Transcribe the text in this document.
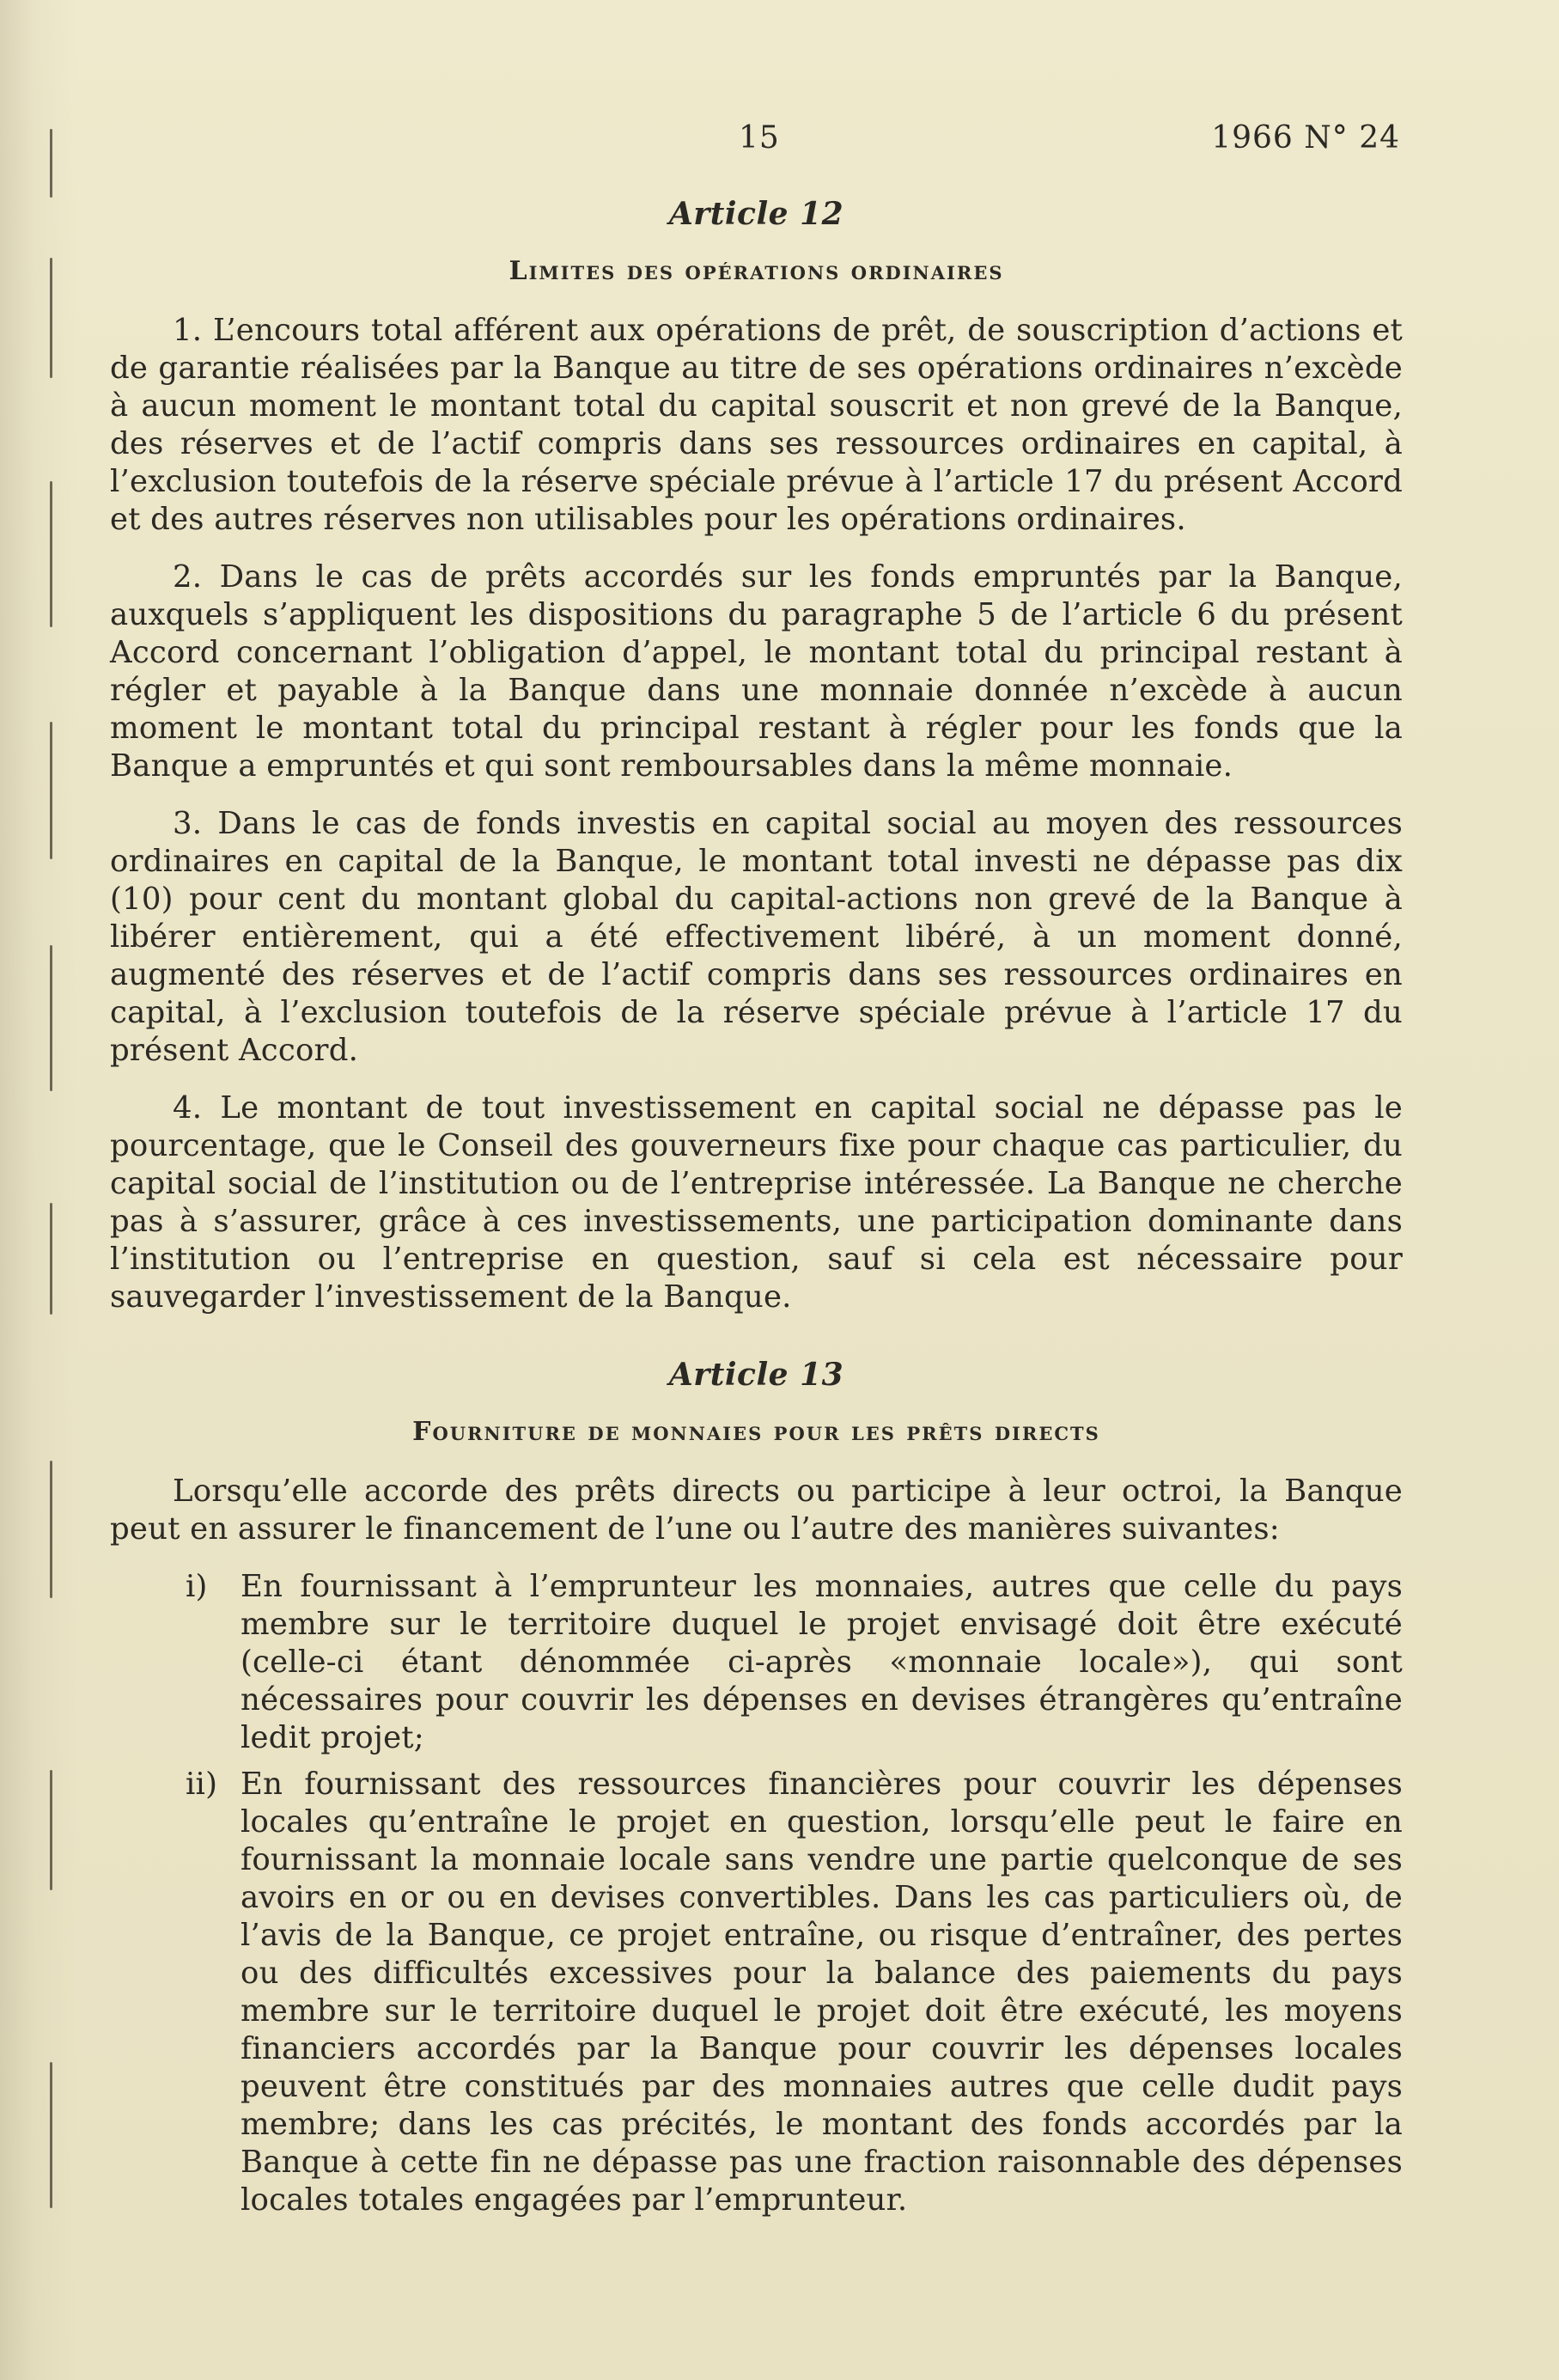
15	1966 N° 24
Article 12
Limites des opérations ordinaires

1. L’encours total afférent aux opérations de prêt, de souscription d’actions et de garantie réalisées par la Banque au titre de ses opérations ordinaires n’excède à aucun moment le montant total du capital souscrit et non grevé de la Banque, des réserves et de l’actif compris dans ses ressources ordinaires en capital, à l’exclusion toutefois de la réserve spéciale prévue à l’article 17 du présent Accord et des autres réserves non utilisables pour les opérations ordinaires.

2. Dans le cas de prêts accordés sur les fonds empruntés par la Banque, auxquels s’appliquent les dispositions du paragraphe 5 de l’article 6 du présent Accord concernant l’obligation d’appel, le montant total du principal restant à régler et payable à la Banque dans une monnaie donnée n’excède à aucun moment le montant total du principal restant à régler pour les fonds que la Banque a empruntés et qui sont remboursables dans la même monnaie.

3. Dans le cas de fonds investis en capital social au moyen des ressources ordinaires en capital de la Banque, le montant total investi ne dépasse pas dix (10) pour cent du montant global du capital-actions non grevé de la Banque à libérer entièrement, qui a été effectivement libéré, à un moment donné, augmenté des réserves et de l’actif compris dans ses ressources ordinaires en capital, à l’exclusion toutefois de la réserve spéciale prévue à l’article 17 du présent Accord.

4. Le montant de tout investissement en capital social ne dépasse pas le pourcentage, que le Conseil des gouverneurs fixe pour chaque cas particulier, du capital social de l’institution ou de l’entreprise intéressée. La Banque ne cherche pas à s’assurer, grâce à ces investissements, une participation dominante dans l’institution ou l’entreprise en question, sauf si cela est nécessaire pour sauvegarder l’investissement de la Banque.

Article 13
Fourniture de monnaies pour les prêts directs

Lorsqu’elle accorde des prêts directs ou participe à leur octroi, la Banque peut en assurer le financement de l’une ou l’autre des manières suivantes:

i) En fournissant à l’emprunteur les monnaies, autres que celle du pays membre sur le territoire duquel le projet envisagé doit être exécuté (celle-ci étant dénommée ci-après «monnaie locale»), qui sont nécessaires pour couvrir les dépenses en devises étrangères qu’entraîne ledit projet;
ii) En fournissant des ressources financières pour couvrir les dépenses locales qu’entraîne le projet en question, lorsqu’elle peut le faire en fournissant la monnaie locale sans vendre une partie quelconque de ses avoirs en or ou en devises convertibles. Dans les cas particuliers où, de l’avis de la Banque, ce projet entraîne, ou risque d’entraîner, des pertes ou des difficultés excessives pour la balance des paiements du pays membre sur le territoire duquel le projet doit être exécuté, les moyens financiers accordés par la Banque pour couvrir les dépenses locales peuvent être constitués par des monnaies autres que celle dudit pays membre; dans les cas précités, le montant des fonds accordés par la Banque à cette fin ne dépasse pas une fraction raisonnable des dépenses locales totales engagées par l’emprunteur.
